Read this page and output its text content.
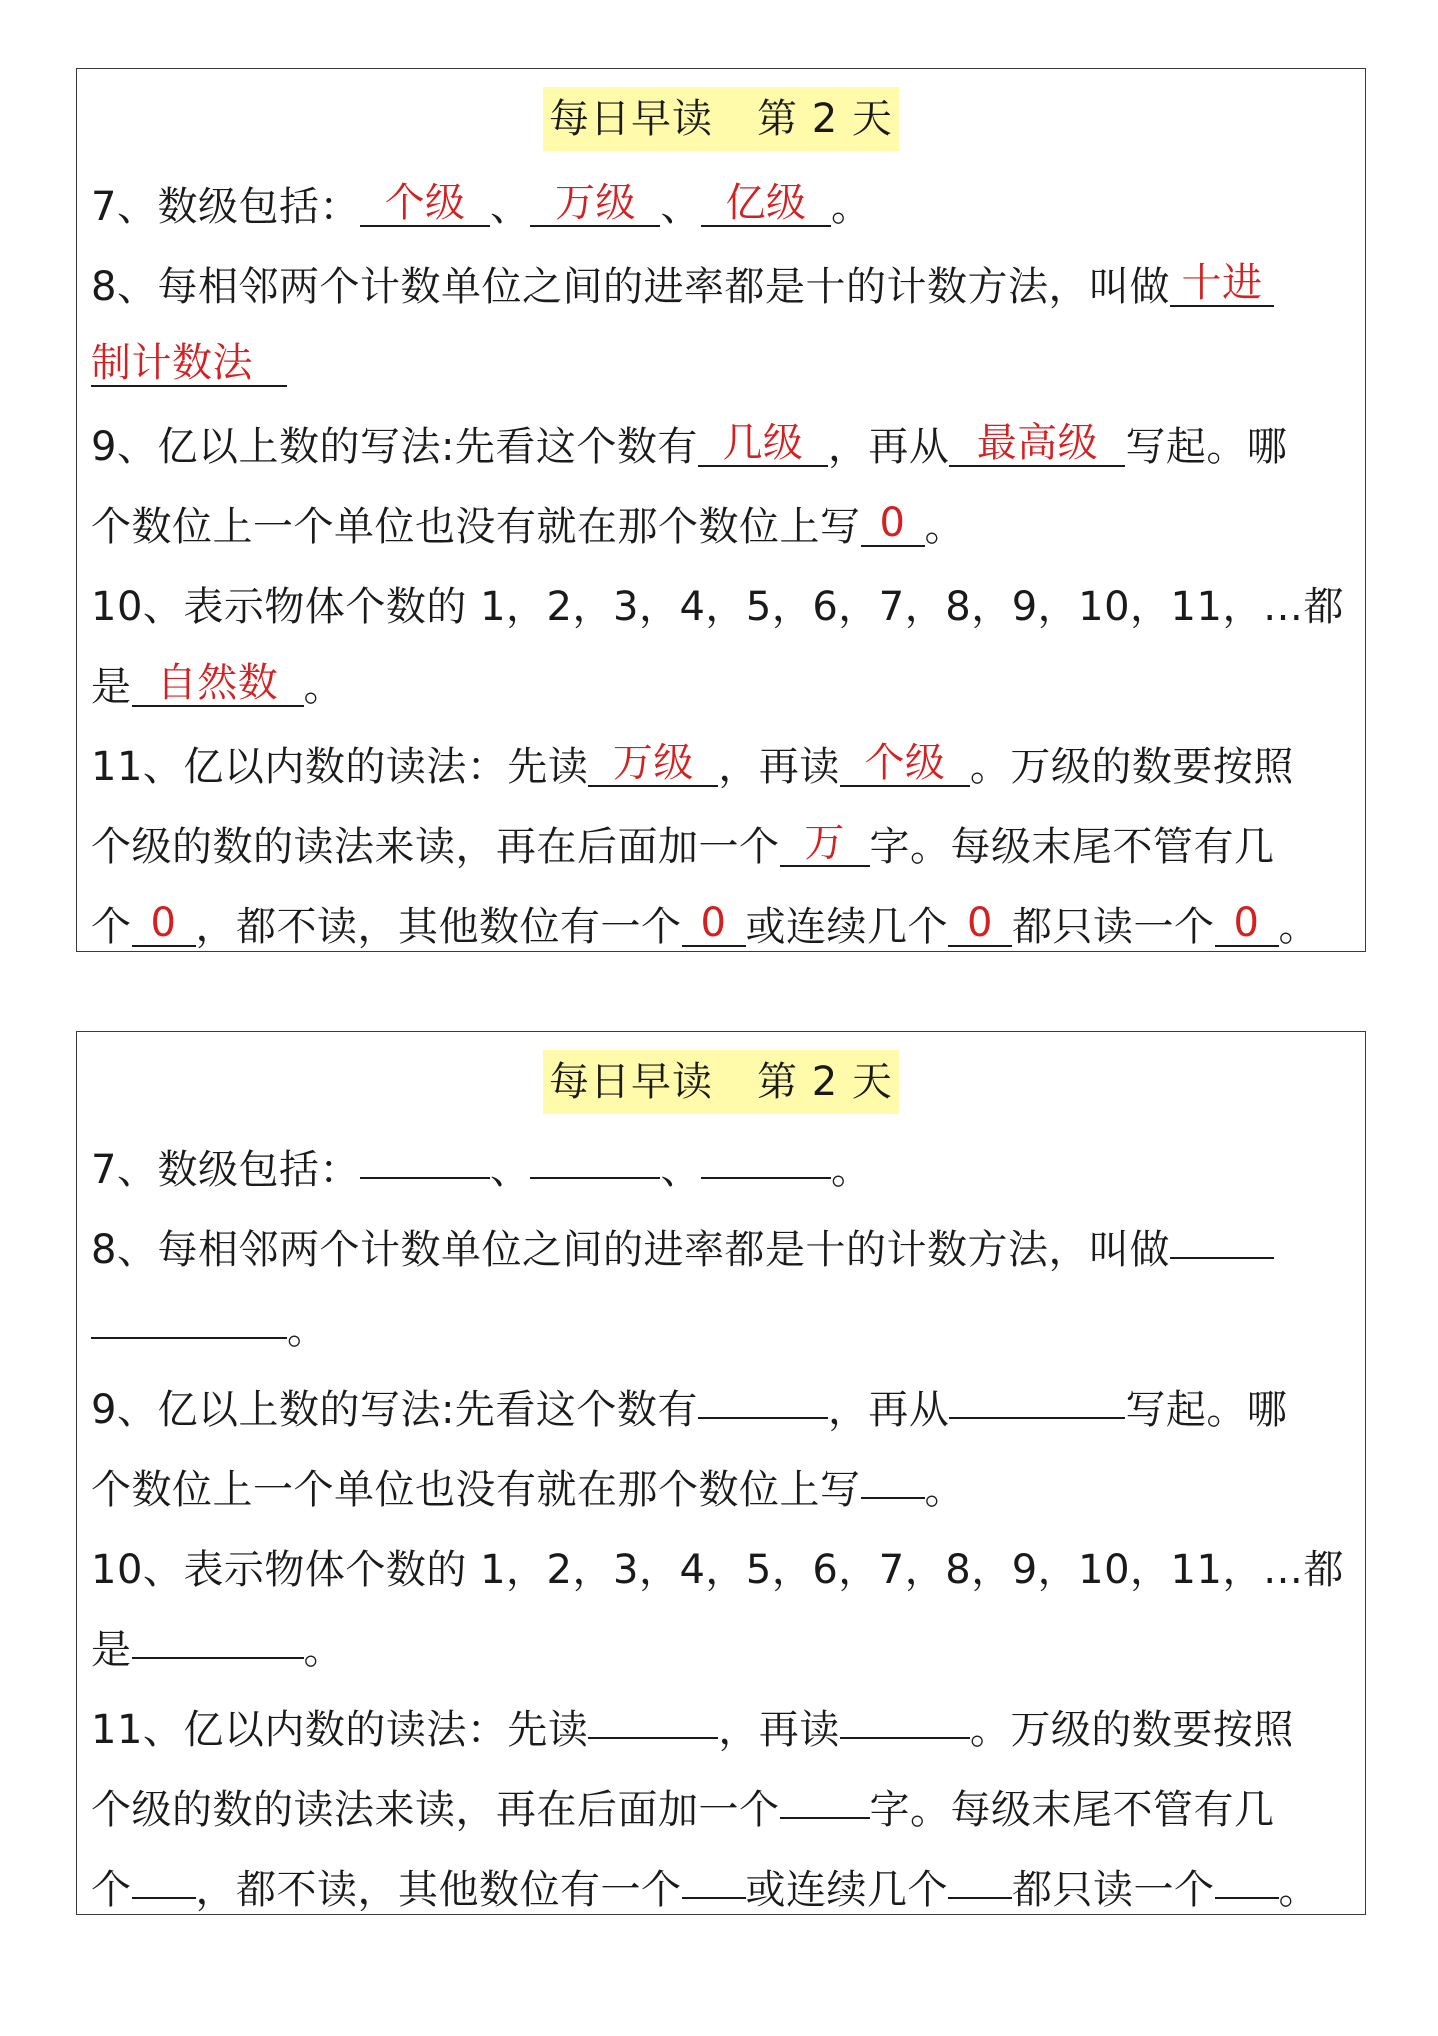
每日早读 第 2 天
7、数级包括： 个级 、 万级 、 亿级 。
8、每相邻两个计数单位之间的进率都是十的计数方法，叫做 十进
制计数法
9、亿以上数的写法:先看这个数有 几级 ，再从 最高级 写起。哪
个数位上一个单位也没有就在那个数位上写 0 。
10、表示物体个数的 1，2，3，4，5，6，7，8，9，10，11，…都
是 自然数 。
11、亿以内数的读法：先读 万级 ，再读 个级 。万级的数要按照
个级的数的读法来读，再在后面加一个 万 字。每级末尾不管有几
个 0 ，都不读，其他数位有一个 0 或连续几个 0 都只读一个 0 。
每日早读 第 2 天
7、数级包括：	、	、	。
8、每相邻两个计数单位之间的进率都是十的计数方法，叫做
。
9、亿以上数的写法:先看这个数有	，再从	写起。哪
个数位上一个单位也没有就在那个数位上写 。
10、表示物体个数的 1，2，3，4，5，6，7，8，9，10，11，…都
是	。
11、亿以内数的读法：先读	，再读	。万级的数要按照
个级的数的读法来读，再在后面加一个 字。每级末尾不管有几
个 ，都不读，其他数位有一个 或连续几个 都只读一个 。
